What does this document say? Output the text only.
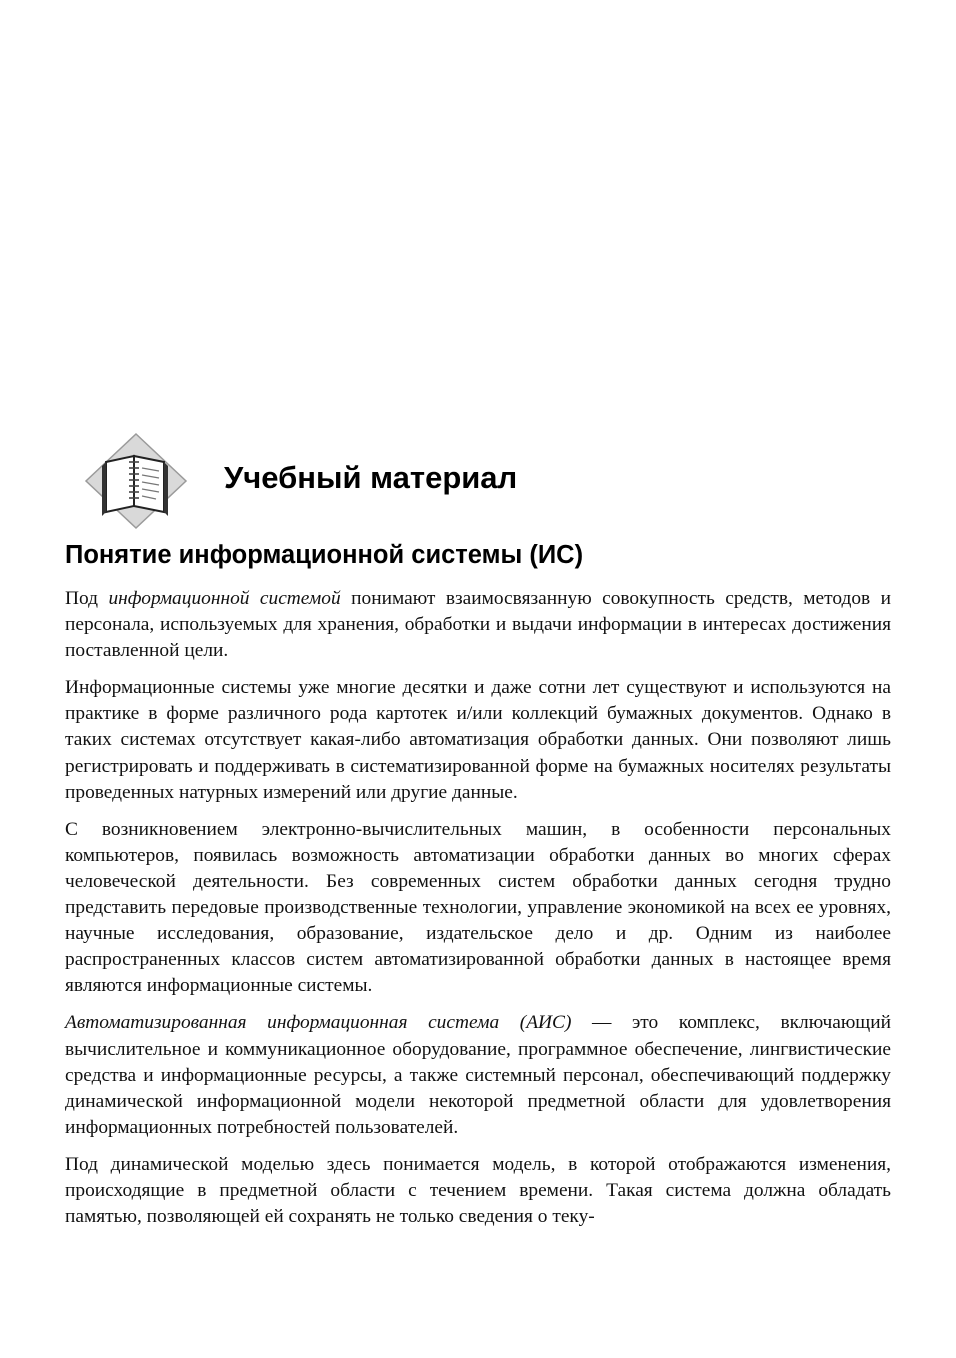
Учебный материал
Понятие информационной системы (ИС)

Под информационной системой понимают взаимосвязанную совокупность средств, методов и персонала, используемых для хранения, обработки и выдачи информации в интересах достижения поставленной цели.

Информационные системы уже многие десятки и даже сотни лет существуют и используются на практике в форме различного рода картотек и/или коллекций бумажных документов. Однако в таких системах отсутствует какая-либо автоматизация обработки данных. Они позволяют лишь регистрировать и поддерживать в систематизированной форме на бумажных носителях результаты проведенных натурных измерений или другие данные.

С возникновением электронно-вычислительных машин, в особенности персональных компьютеров, появилась возможность автоматизации обработки данных во многих сферах человеческой деятельности. Без современных систем обработки данных сегодня трудно представить передовые производственные технологии, управление экономикой на всех ее уровнях, научные исследования, образование, издательское дело и др. Одним из наиболее распространенных классов систем автоматизированной обработки данных в настоящее время являются информационные системы.

Автоматизированная информационная система (АИС) — это комплекс, включающий вычислительное и коммуникационное оборудование, программное обеспечение, лингвистические средства и информационные ресурсы, а также системный персонал, обеспечивающий поддержку динамической информационной модели некоторой предметной области для удовлетворения информационных потребностей пользователей.

Под динамической моделью здесь понимается модель, в которой отображаются изменения, происходящие в предметной области с течением времени. Такая система должна обладать памятью, позволяющей ей сохранять не только сведения о теку-
